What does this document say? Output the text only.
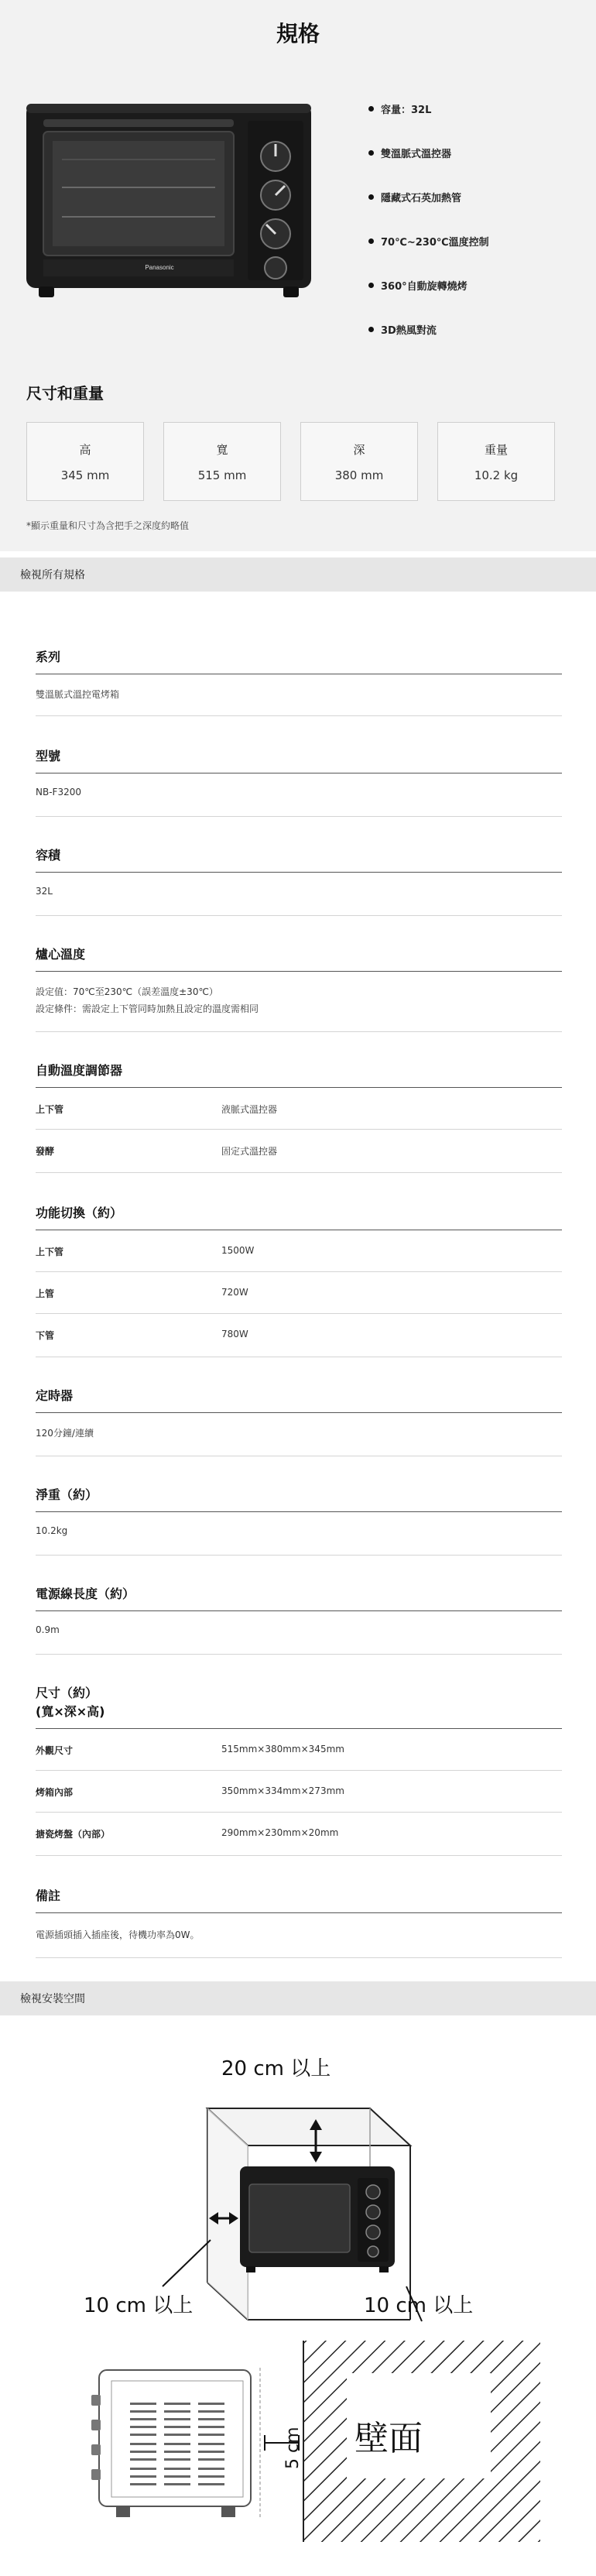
規格
Panasonic
容量：32L
雙溫脈式溫控器
隱藏式石英加熱管
70℃~230℃溫度控制
360°自動旋轉燒烤
3D熱風對流
尺寸和重量
高
345 mm
寬
515 mm
深
380 mm
重量
10.2 kg
*顯示重量和尺寸為含把手之深度約略值
檢視所有規格
系列
雙溫脈式溫控電烤箱
型號
NB-F3200
容積
32L
爐心溫度
設定值：70℃至230℃（誤差溫度±30℃）
設定條件：需設定上下管同時加熱且設定的溫度需相同
自動溫度調節器
上下管	液脈式溫控器
發酵	固定式溫控器
功能切換（約）
上下管	1500W
上管	720W
下管	780W
定時器
120分鐘/連續
淨重（約）
10.2kg
電源線長度（約）
0.9m
尺寸（約）
(寬×深×高)
外觀尺寸	515mm×380mm×345mm
烤箱內部	350mm×334mm×273mm
搪瓷烤盤（內部）	290mm×230mm×20mm
備註
電源插頭插入插座後，待機功率為0W。
檢視安裝空間
20 cm 以上
10 cm 以上	10 cm 以上
5 cm 壁面
